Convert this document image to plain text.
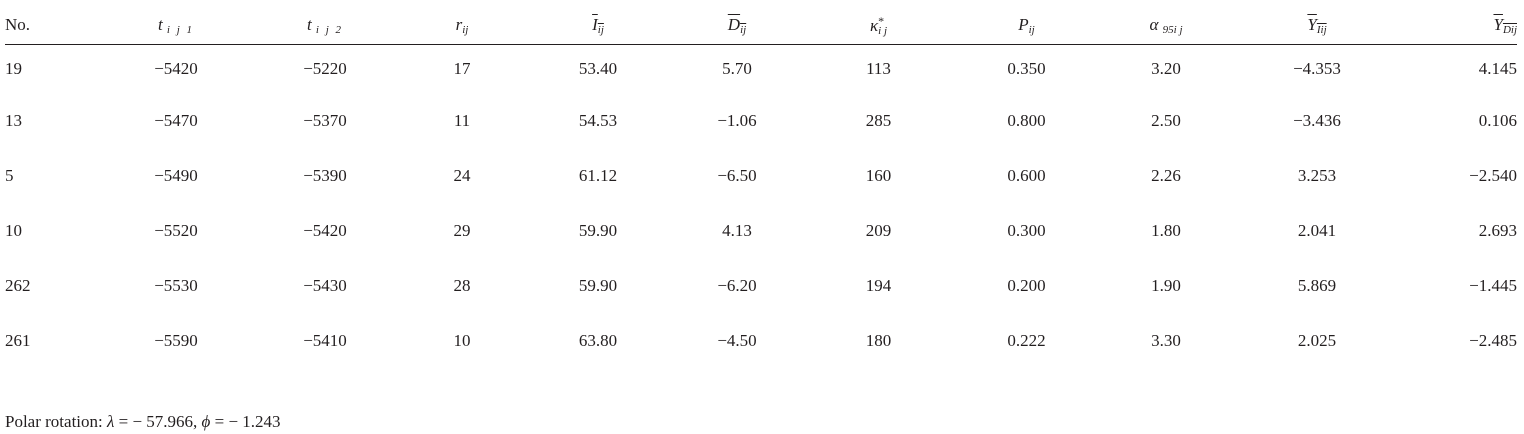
No.	t $_{i j 1}$	t $_{i j 2}$	$r_{ij}$	$I_{ij}$	$D_{ij}$	$\kappa^*_{i j}$	$P_{ij}$	α $_{95i j}$	$Y_{Iij}$	$Y_{Dij}$
19	−5420	−5220	17	53.40	5.70	113	0.350	3.20	−4.353	4.145
13	−5470	−5370	11	54.53	−1.06	285	0.800	2.50	−3.436	0.106
5	−5490	−5390	24	61.12	−6.50	160	0.600	2.26	3.253	−2.540
10	−5520	−5420	29	59.90	4.13	209	0.300	1.80	2.041	2.693
262	−5530	−5430	28	59.90	−6.20	194	0.200	1.90	5.869	−1.445
261	−5590	−5410	10	63.80	−4.50	180	0.222	3.30	2.025	−2.485
Polar rotation: λ = − 57.966, ϕ = − 1.243
